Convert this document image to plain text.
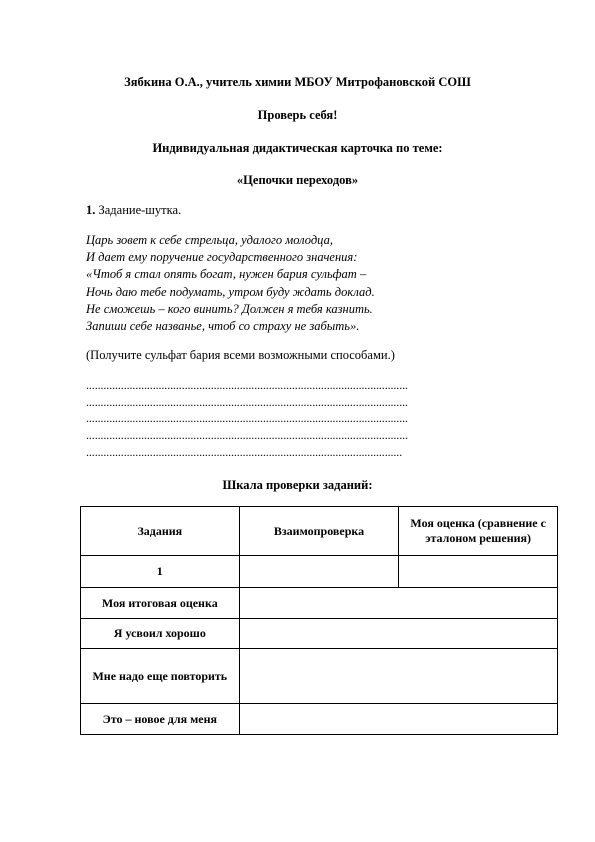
Зябкина О.А., учитель химии МБОУ Митрофановской СОШ
Проверь себя!
Индивидуальная дидактическая карточка по теме:
«Цепочки переходов»
1. Задание-шутка.
Царь зовет к себе стрельца, удалого молодца,
И дает ему поручение государственного значения:
«Чтоб я стал опять богат, нужен бария сульфат –
Ночь даю тебе подумать, утром буду ждать доклад.
Не сможешь – кого винить? Должен я тебя казнить.
Запиши себе названье, чтоб со страху не забыть».
(Получите сульфат бария всеми возможными способами.)
...............................................................................................................
...............................................................................................................
...............................................................................................................
...............................................................................................................
.............................................................................................................
Шкала проверки заданий:
Задания	Взаимопроверка	Моя оценка (сравнение с эталоном решения)
1		
Моя итоговая оценка		
Я усвоил хорошо		
Мне надо еще повторить		
Это – новое для меня		
